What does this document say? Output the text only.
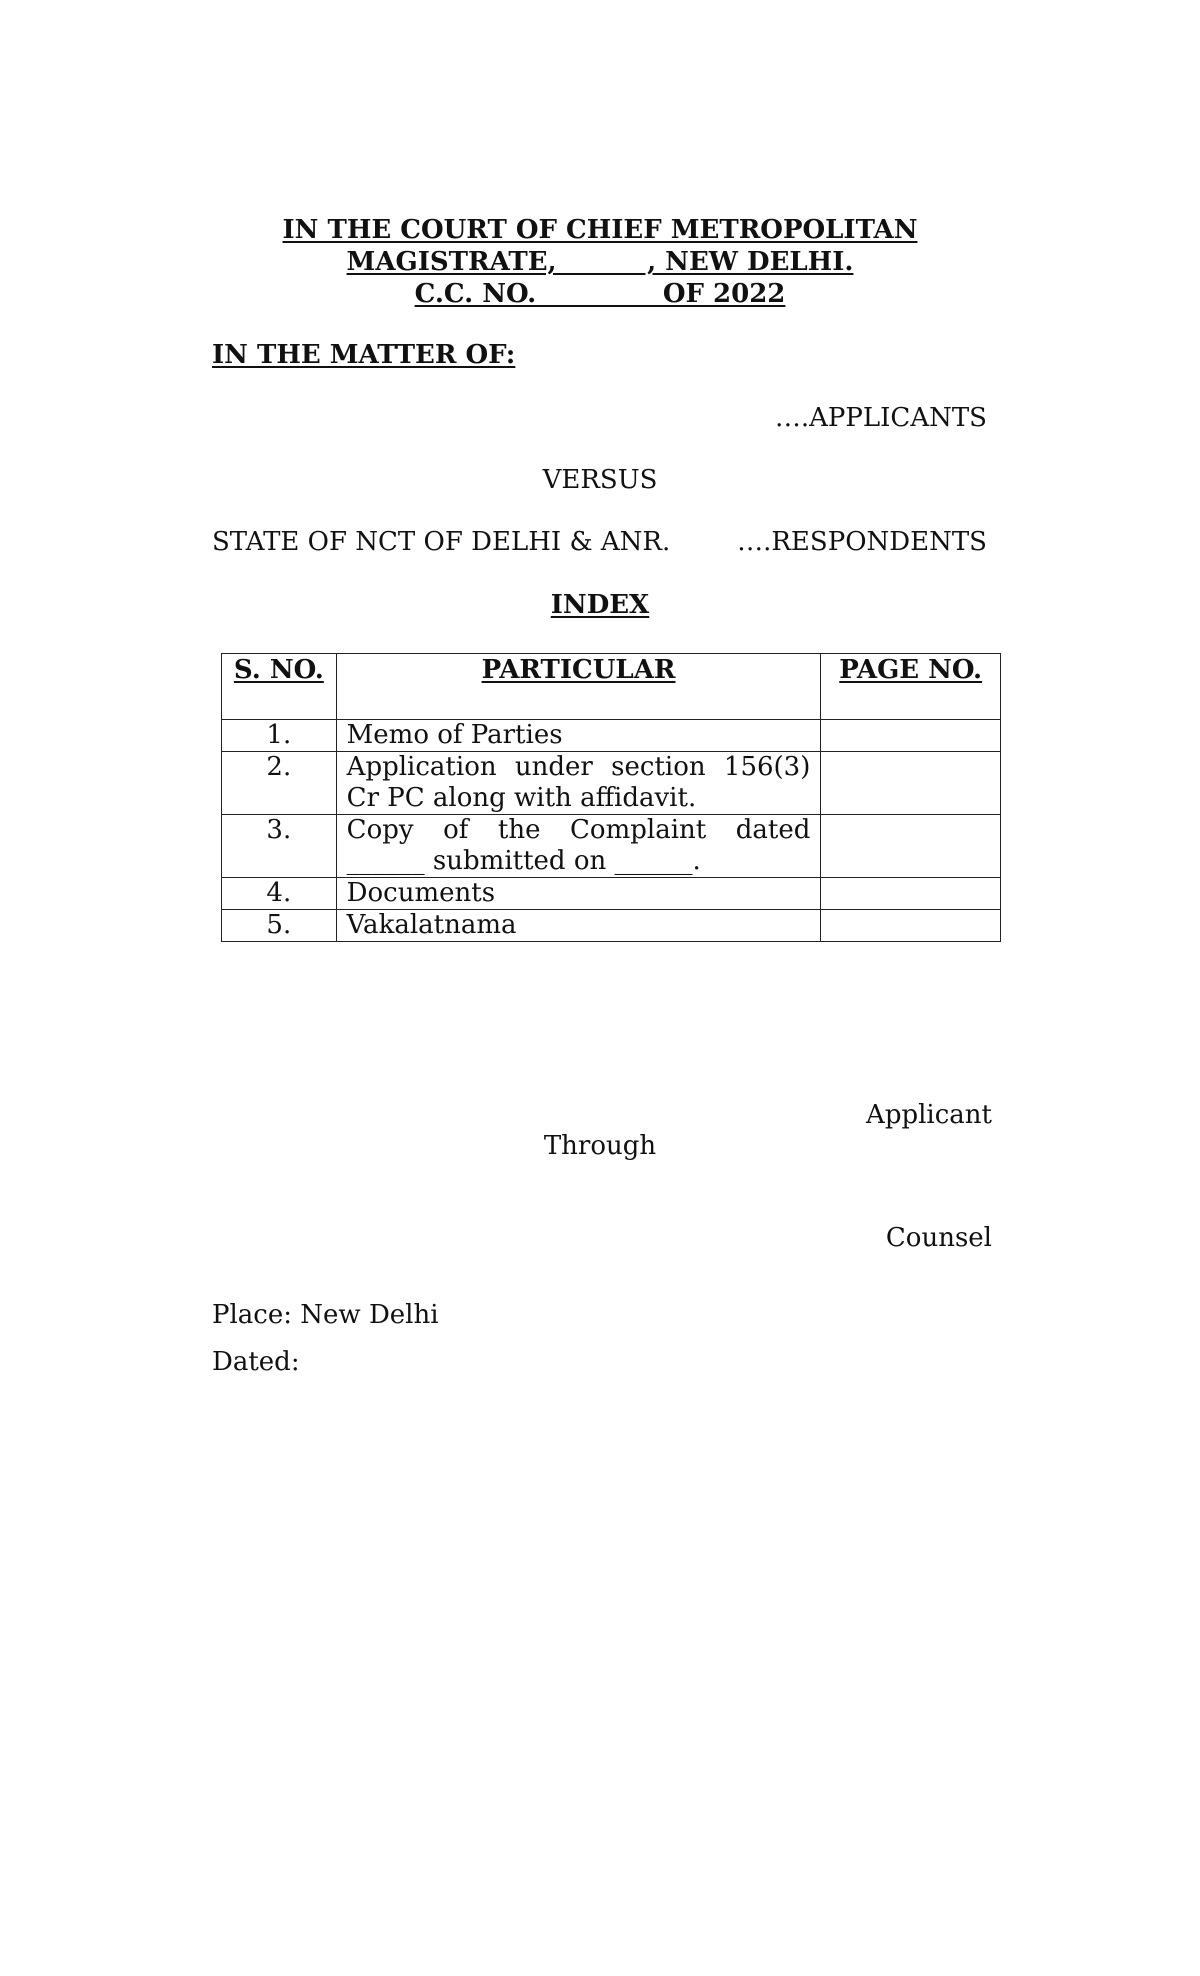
IN THE COURT OF CHIEF METROPOLITAN
MAGISTRATE,          , NEW DELHI.
C.C. NO.              OF 2022
IN THE MATTER OF:
….APPLICANTS
VERSUS
STATE OF NCT OF DELHI & ANR.	….RESPONDENTS
INDEX
S. NO.	PARTICULAR	PAGE NO.
1.	Memo of Parties	
2.	Application under section 156(3) Cr PC along with affidavit.	
3.	Copy of the Complaint dated ______ submitted on ______.	
4.	Documents	
5.	Vakalatnama	
Applicant
Through
Counsel
Place: New Delhi
Dated:
